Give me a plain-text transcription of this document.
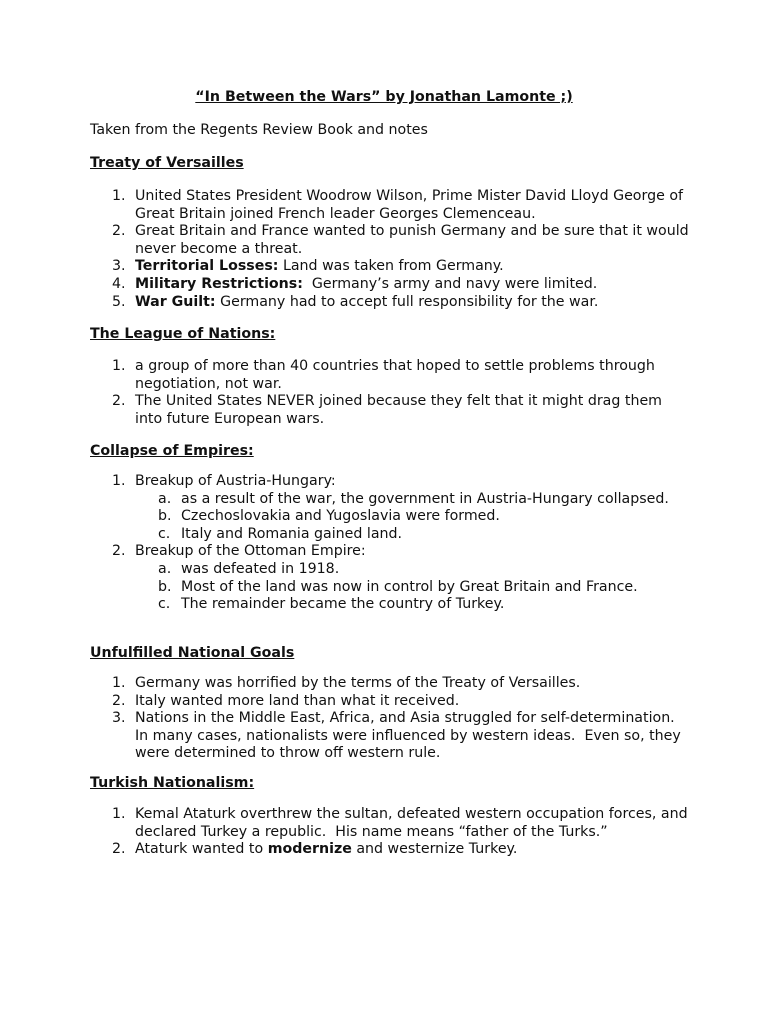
“In Between the Wars” by Jonathan Lamonte ;)
Taken from the Regents Review Book and notes
Treaty of Versailles
1. United States President Woodrow Wilson, Prime Mister David Lloyd George of Great Britain joined French leader Georges Clemenceau.
2. Great Britain and France wanted to punish Germany and be sure that it would never become a threat.
3. Territorial Losses: Land was taken from Germany.
4. Military Restrictions:  Germany’s army and navy were limited.
5. War Guilt: Germany had to accept full responsibility for the war.
The League of Nations:
1. a group of more than 40 countries that hoped to settle problems through negotiation, not war.
2. The United States NEVER joined because they felt that it might drag them into future European wars.
Collapse of Empires:
1. Breakup of Austria-Hungary:
a. as a result of the war, the government in Austria-Hungary collapsed.
b. Czechoslovakia and Yugoslavia were formed.
c. Italy and Romania gained land.
2. Breakup of the Ottoman Empire:
a. was defeated in 1918.
b. Most of the land was now in control by Great Britain and France.
c. The remainder became the country of Turkey.
Unfulfilled National Goals
1. Germany was horrified by the terms of the Treaty of Versailles.
2. Italy wanted more land than what it received.
3. Nations in the Middle East, Africa, and Asia struggled for self-determination.  In many cases, nationalists were influenced by western ideas.  Even so, they were determined to throw off western rule.
Turkish Nationalism:
1. Kemal Ataturk overthrew the sultan, defeated western occupation forces, and declared Turkey a republic.  His name means “father of the Turks.”
2. Ataturk wanted to modernize and westernize Turkey.
